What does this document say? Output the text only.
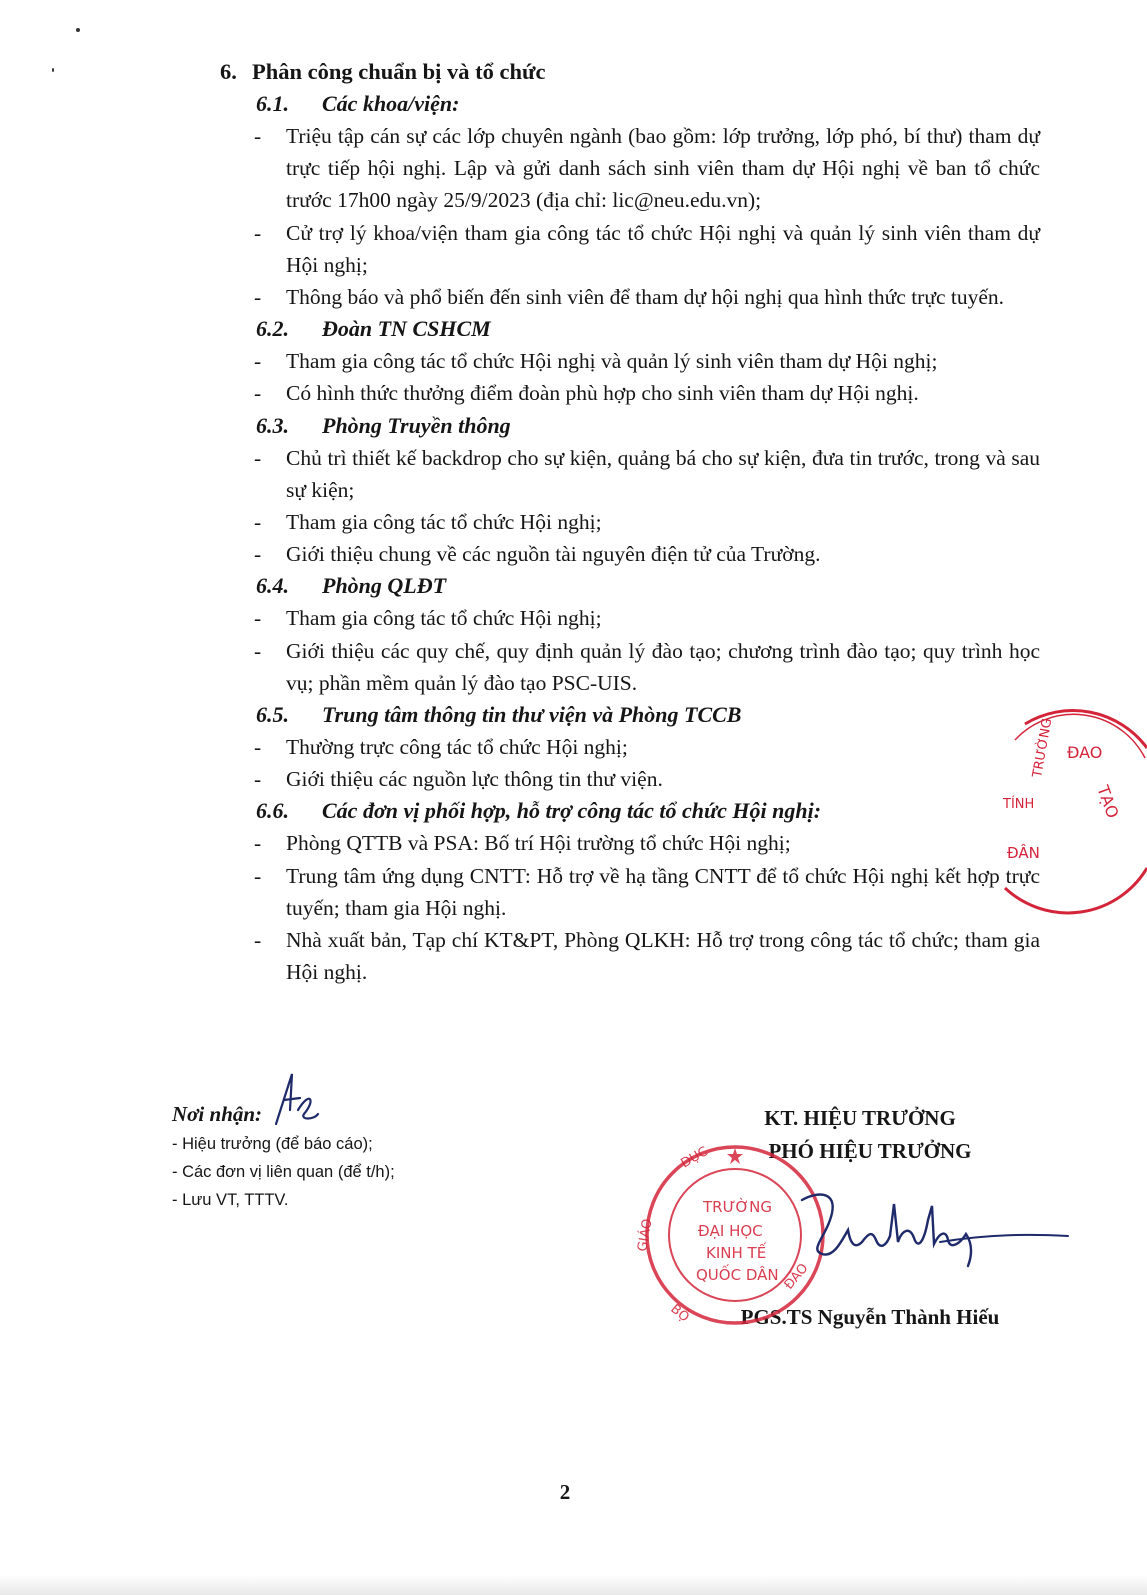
ĐAO
TẠO
TÍNH
ĐÂN
TRƯỜNG
6. Phân công chuẩn bị và tổ chức
6.1. Các khoa/viện:
- Triệu tập cán sự các lớp chuyên ngành (bao gồm: lớp trưởng, lớp phó, bí thư) tham dự trực tiếp hội nghị. Lập và gửi danh sách sinh viên tham dự Hội nghị về ban tổ chức trước 17h00 ngày 25/9/2023 (địa chỉ: lic@neu.edu.vn);
- Cử trợ lý khoa/viện tham gia công tác tổ chức Hội nghị và quản lý sinh viên tham dự Hội nghị;
- Thông báo và phổ biến đến sinh viên để tham dự hội nghị qua hình thức trực tuyến.
6.2. Đoàn TN CSHCM
- Tham gia công tác tổ chức Hội nghị và quản lý sinh viên tham dự Hội nghị;
- Có hình thức thưởng điểm đoàn phù hợp cho sinh viên tham dự Hội nghị.
6.3. Phòng Truyền thông
- Chủ trì thiết kế backdrop cho sự kiện, quảng bá cho sự kiện, đưa tin trước, trong và sau sự kiện;
- Tham gia công tác tổ chức Hội nghị;
- Giới thiệu chung về các nguồn tài nguyên điện tử của Trường.
6.4. Phòng QLĐT
- Tham gia công tác tổ chức Hội nghị;
- Giới thiệu các quy chế, quy định quản lý đào tạo; chương trình đào tạo; quy trình học vụ; phần mềm quản lý đào tạo PSC-UIS.
6.5. Trung tâm thông tin thư viện và Phòng TCCB
- Thường trực công tác tổ chức Hội nghị;
- Giới thiệu các nguồn lực thông tin thư viện.
6.6. Các đơn vị phối hợp, hỗ trợ công tác tổ chức Hội nghị:
- Phòng QTTB và PSA: Bố trí Hội trường tổ chức Hội nghị;
- Trung tâm ứng dụng CNTT: Hỗ trợ về hạ tầng CNTT để tổ chức Hội nghị kết hợp trực tuyến; tham gia Hội nghị.
- Nhà xuất bản, Tạp chí KT&PT, Phòng QLKH: Hỗ trợ trong công tác tổ chức; tham gia Hội nghị.
Nơi nhận:
- Hiệu trưởng (để báo cáo);
- Các đơn vị liên quan (để t/h);
- Lưu VT, TTTV.
KT. HIỆU TRƯỞNG
PHÓ HIỆU TRƯỞNG
PGS.TS Nguyễn Thành Hiếu
TRƯỜNG
ĐẠI HỌC
KINH TẾ
QUỐC DÂN
DỤC
GIÁO
BỘ
ĐÀO
2
